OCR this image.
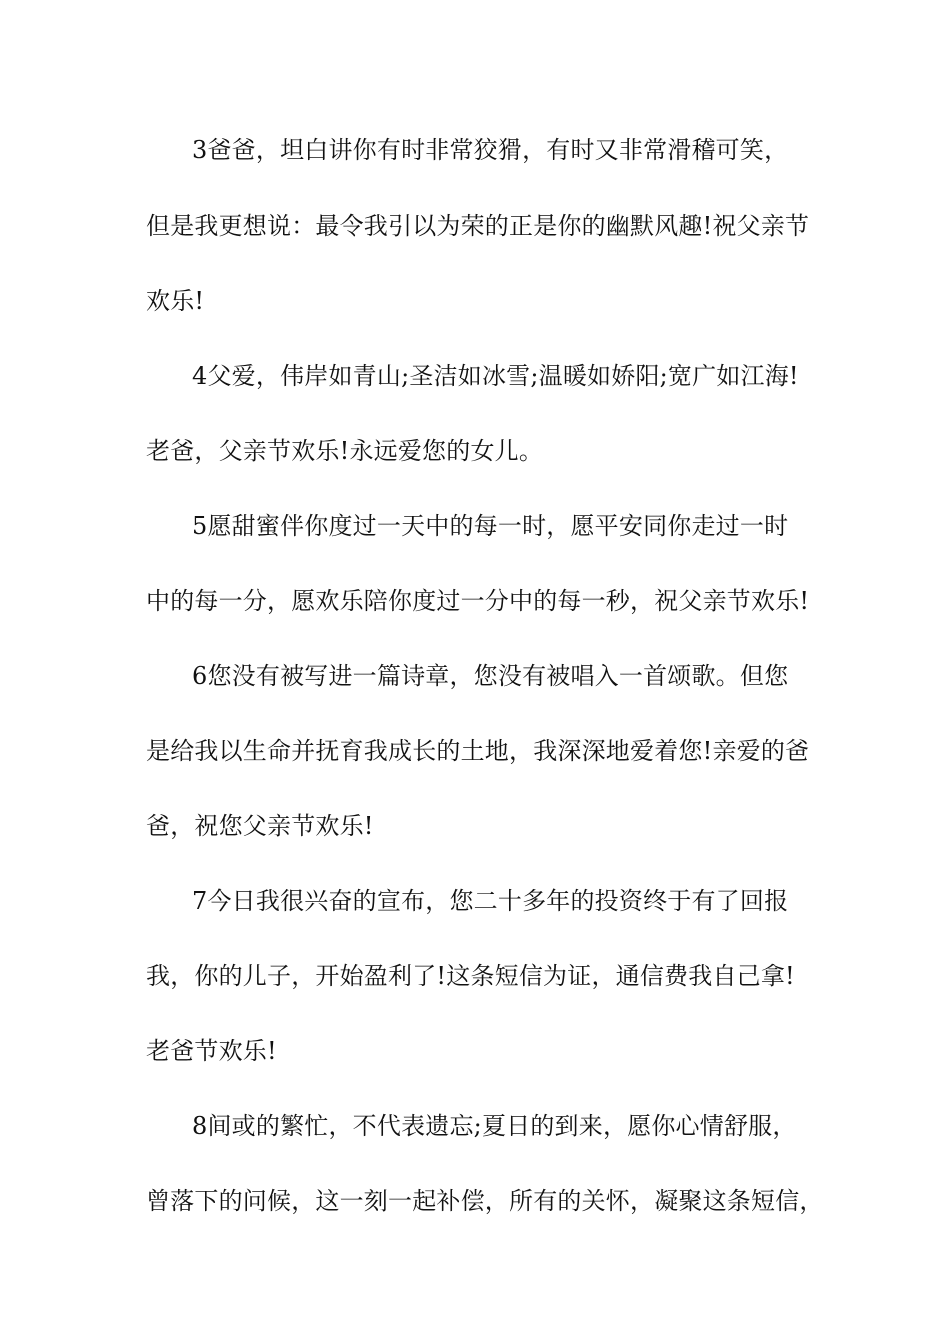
3爸爸，坦白讲你有时非常狡猾，有时又非常滑稽可笑，
但是我更想说：最令我引以为荣的正是你的幽默风趣!祝父亲节
欢乐!
4父爱，伟岸如青山;圣洁如冰雪;温暖如娇阳;宽广如江海!
老爸，父亲节欢乐!永远爱您的女儿。
5愿甜蜜伴你度过一天中的每一时，愿平安同你走过一时
中的每一分，愿欢乐陪你度过一分中的每一秒，祝父亲节欢乐!
6您没有被写进一篇诗章，您没有被唱入一首颂歌。但您
是给我以生命并抚育我成长的土地，我深深地爱着您!亲爱的爸
爸，祝您父亲节欢乐!
7今日我很兴奋的宣布，您二十多年的投资终于有了回报
我，你的儿子，开始盈利了!这条短信为证，通信费我自己拿!
老爸节欢乐!
8间或的繁忙，不代表遗忘;夏日的到来，愿你心情舒服，
曾落下的问候，这一刻一起补偿，所有的关怀，凝聚这条短信，
